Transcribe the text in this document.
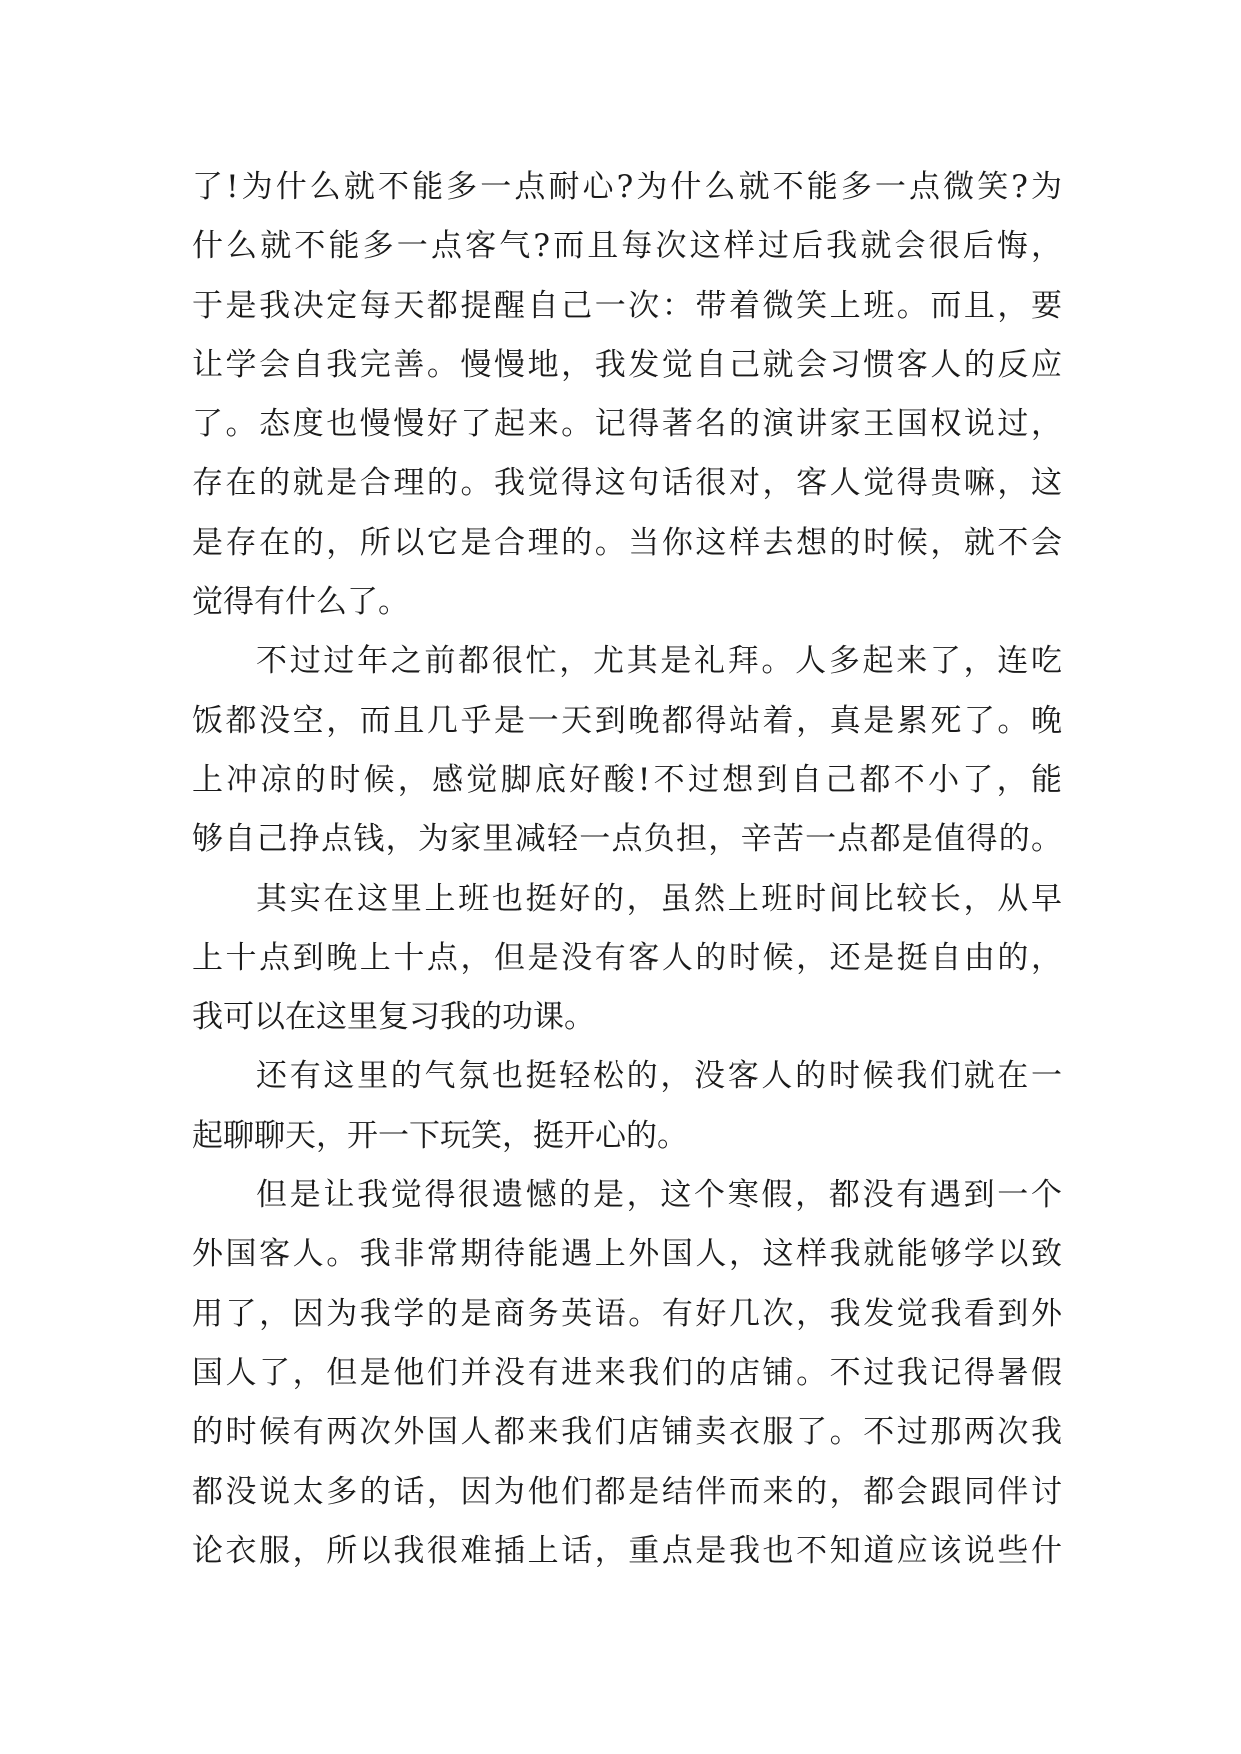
了!为什么就不能多一点耐心?为什么就不能多一点微笑?为
什么就不能多一点客气?而且每次这样过后我就会很后悔，
于是我决定每天都提醒自己一次：带着微笑上班。而且，要
让学会自我完善。慢慢地，我发觉自己就会习惯客人的反应
了。态度也慢慢好了起来。记得著名的演讲家王国权说过，
存在的就是合理的。我觉得这句话很对，客人觉得贵嘛，这
是存在的，所以它是合理的。当你这样去想的时候，就不会
觉得有什么了。
不过过年之前都很忙，尤其是礼拜。人多起来了，连吃
饭都没空，而且几乎是一天到晚都得站着，真是累死了。晚
上冲凉的时候，感觉脚底好酸!不过想到自己都不小了，能
够自己挣点钱，为家里减轻一点负担，辛苦一点都是值得的。
其实在这里上班也挺好的，虽然上班时间比较长，从早
上十点到晚上十点，但是没有客人的时候，还是挺自由的，
我可以在这里复习我的功课。
还有这里的气氛也挺轻松的，没客人的时候我们就在一
起聊聊天，开一下玩笑，挺开心的。
但是让我觉得很遗憾的是，这个寒假，都没有遇到一个
外国客人。我非常期待能遇上外国人，这样我就能够学以致
用了，因为我学的是商务英语。有好几次，我发觉我看到外
国人了，但是他们并没有进来我们的店铺。不过我记得暑假
的时候有两次外国人都来我们店铺卖衣服了。不过那两次我
都没说太多的话，因为他们都是结伴而来的，都会跟同伴讨
论衣服，所以我很难插上话，重点是我也不知道应该说些什
